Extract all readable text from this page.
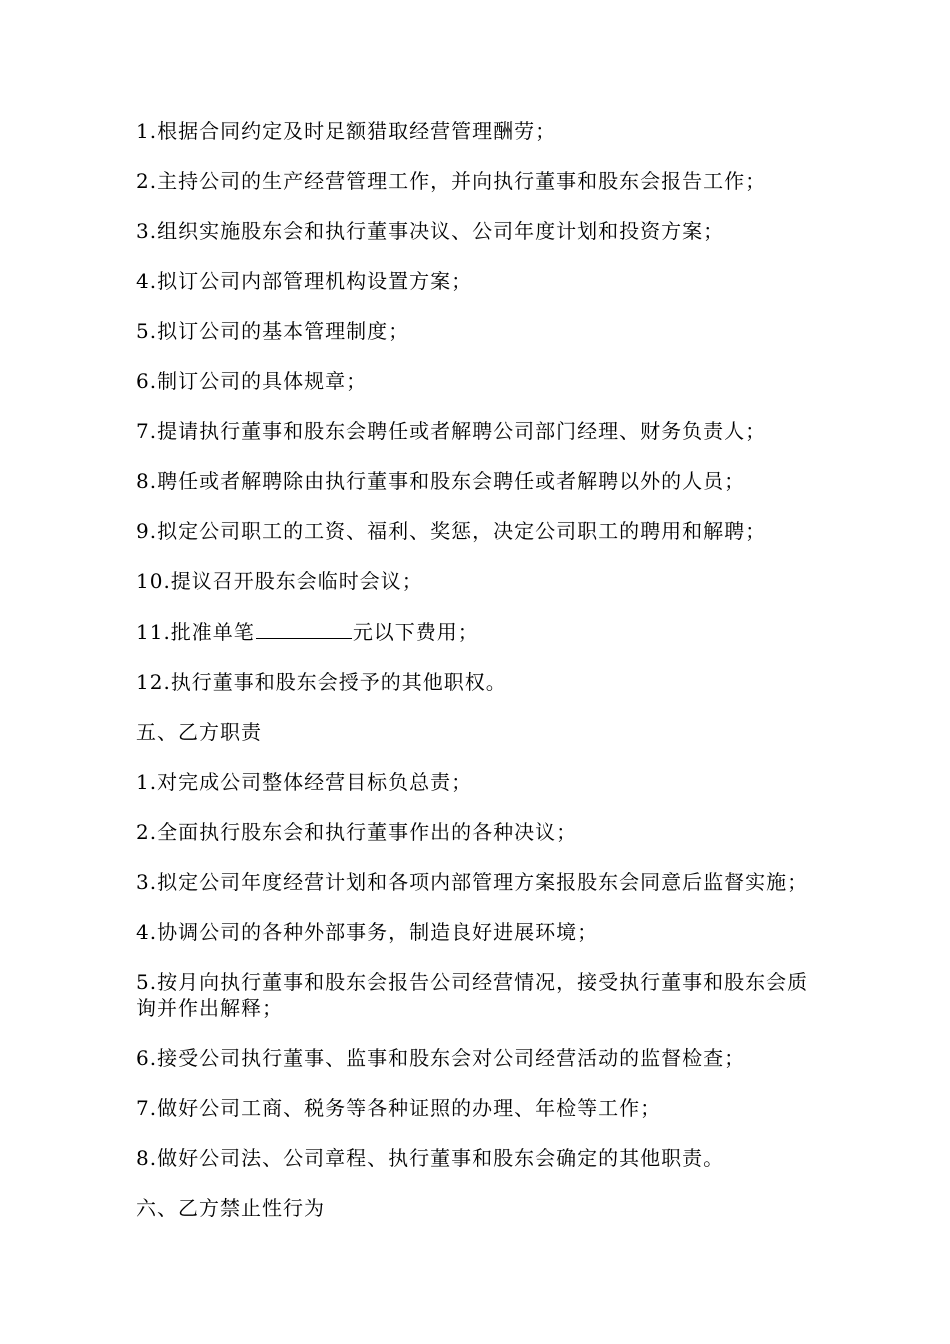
1.根据合同约定及时足额猎取经营管理酬劳；

2.主持公司的生产经营管理工作，并向执行董事和股东会报告工作；

3.组织实施股东会和执行董事决议、公司年度计划和投资方案；

4.拟订公司内部管理机构设置方案；

5.拟订公司的基本管理制度；

6.制订公司的具体规章；

7.提请执行董事和股东会聘任或者解聘公司部门经理、财务负责人；

8.聘任或者解聘除由执行董事和股东会聘任或者解聘以外的人员；

9.拟定公司职工的工资、福利、奖惩，决定公司职工的聘用和解聘；

10.提议召开股东会临时会议；

11.批准单笔	元以下费用；

12.执行董事和股东会授予的其他职权。

五、乙方职责

1.对完成公司整体经营目标负总责；

2.全面执行股东会和执行董事作出的各种决议；

3.拟定公司年度经营计划和各项内部管理方案报股东会同意后监督实施；

4.协调公司的各种外部事务，制造良好进展环境；

5.按月向执行董事和股东会报告公司经营情况，接受执行董事和股东会质询并作出解释；

6.接受公司执行董事、监事和股东会对公司经营活动的监督检查；

7.做好公司工商、税务等各种证照的办理、年检等工作；

8.做好公司法、公司章程、执行董事和股东会确定的其他职责。

六、乙方禁止性行为
